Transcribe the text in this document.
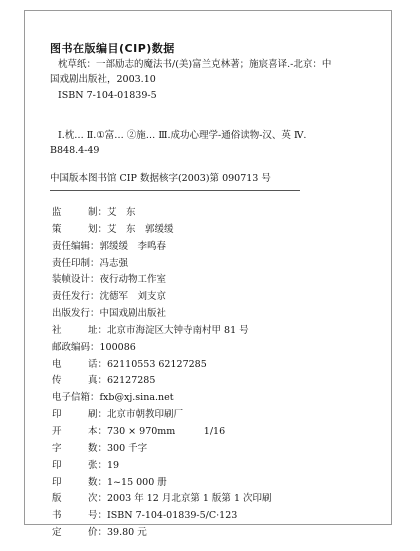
图书在版编目(CIP)数据
枕草纸：一部励志的魔法书/(美)富兰克林著；施宸喜译.-北京：中
国戏剧出版社，2003.10
ISBN 7-104-01839-5
Ⅰ.枕… Ⅱ.①富… ②施… Ⅲ.成功心理学-通俗读物-汉、英 Ⅳ.
B848.4-49
中国版本图书馆 CIP 数据核字(2003)第 090713 号
监	制 ：艾　东
策	划 ：艾　东　郭缓缓
责任编辑 ：郭缓缓　李鸣春
责任印制 ：冯志强
装帧设计 ：夜行动物工作室
责任发行 ：沈德军　刘支京
出版发行 ：中国戏剧出版社
社	址 ：北京市海淀区大钟寺南村甲 81 号
邮政编码 ：100086
电	话 ：62110553 62127285
传	真 ：62127285
电子信箱 ：fxb@xj.sina.net
印	刷 ：北京市朝教印刷厂
开	本 ：730 × 970mm　　　1/16
字	数 ：300 千字
印	张 ：19
印	数 ：1~15 000 册
版	次 ：2003 年 12 月北京第 1 版第 1 次印刷
书	号 ：ISBN 7-104-01839-5/C·123
定	价 ：39.80 元
